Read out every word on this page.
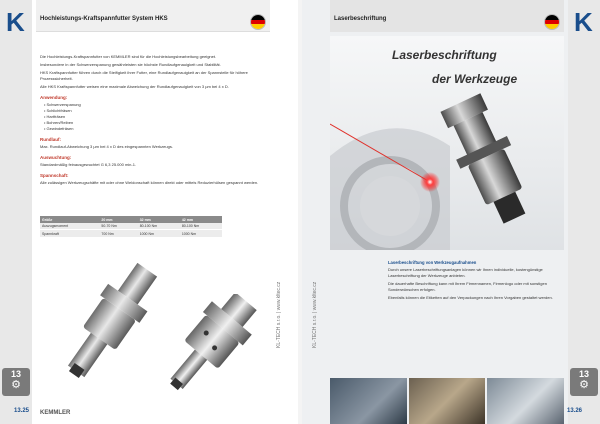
K
13
⚙
13.25
KL-TECH s.r.o. | www.kltec.cz
Hochleistungs-Kraftspannfutter System HKS

Die Hochleistungs-Kraftspannfutter von KEMMLER sind für die Hochleistungsbearbeitung geeignet.

Insbesondere in der Schwerzerspanung gewährleisten sie höchste Rundlaufgenauigkeit und Stabilität.

HKS Kraftspannfutter führen durch die Steifigkeit ihrer Futter, eine Rundlaufgenauigkeit an der Spannstelle für höhere Prozesssicherheit.

Alle HKS Kraftspannfutter weisen eine maximale Abweichung der Rundlaufgenauigkeit von 3 µm bei 4 x D.

Anwendung:
• Schwerzerspanung
• Schlichtfräsen
• Hartfräsen
• Bohren/Reiben
• Gewindefräsen
Rundlauf:

Max. Rundlauf-Abweichung 3 µm bei 4 x D des eingespannten Werkzeugs.

Auswuchtung:

Standardmäßig feinausgewuchtet G 6,3 25.000 min-1.

Spannschaft:

Alle zulässigen Werkzeugschäfte mit oder ohne Weldonschaft können direkt oder mittels Reduzierhülsen gespannt werden.

Größe	20 mm	32 mm	42 mm
Auszugsmoment	50-70 Nm	80-100 Nm	80-100 Nm
Spannkraft	700 Nm	1000 Nm	1000 Nm
KEMMLER
K
13
⚙
13.26
KL-TECH s.r.o. | www.kltec.cz
Laserbeschriftung
Laserbeschriftung
der Werkzeuge
Laserbeschriftung von Werkzeugaufnahmen

Durch unsere Laserbeschriftungsanlagen können wir Ihnen individuelle, kostengünstige Laserbeschriftung der Werkzeuge anbieten.

Die dauerhafte Beschriftung kann mit Ihrem Firmennamen, Firmenlogo oder mit sonstigen Sonderwünschen erfolgen.

Ebenfalls können die Etiketten auf den Verpackungen nach Ihren Vorgaben gestaltet werden.
